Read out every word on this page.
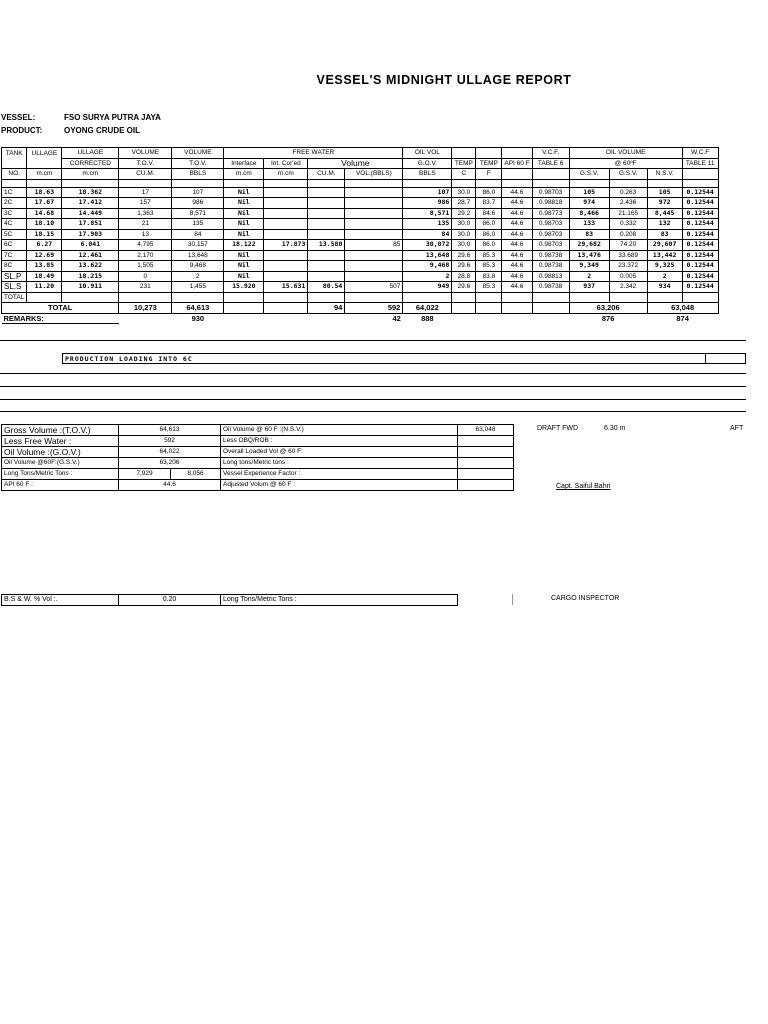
VESSEL'S MIDNIGHT ULLAGE REPORT
VESSEL:	FSO SURYA PUTRA JAYA
PRODUCT:	OYONG CRUDE OIL
TANK	ULLAGE	ULLAGE	VOLUME	VOLUME	FREE WATER				OIL VOL				V.C.F.	OIL VOLUME			W.C.F
		CORRECTED	T.O.V.	T.O.V.	Interface	Int. Cor'ed	Volume		G.O.V.	TEMP	TEMP	API 60 F	TABLE 6	@ 60ºF			TABLE 11
NO.	m.cm	m.cm	CU.M.	BBLS	m.cm	m.cm	CU.M.	VOL.(BBLS)	BBLS	C	F			G.S.V.	G.S.V.	N.S.V.	

1C	18.63	18.362	17	107	Nil				107	30.0	86.0	44.6	0.98703	105	0.263	105	0.12544
2C	17.67	17.412	157	986	Nil				986	28.7	83.7	44.6	0.98818	974	2.436	972	0.12544
3C	14.68	14.449	1,363	8,571	Nil				8,571	29.2	84.6	44.6	0.98773	8,466	21.165	8,445	0.12544
4C	18.10	17.851	21	135	Nil				135	30.0	86.0	44.6	0.98703	133	0.332	132	0.12544
5C	18.15	17.903	13	84	Nil				84	30.0	86.0	44.6	0.98703	83	0.208	83	0.12544
6C	6.27	6.041	4,795	30,157	18.122	17.873	13.580	85	30,072	30.0	86.0	44.6	0.98703	29,682	74.20	29,607	0.12544
7C	12.69	12.461	2,170	13,648	Nil				13,648	29.6	85.3	44.6	0.98738	13,476	33.689	13,442	0.12544
8C	13.85	13.622	1,505	9,468	Nil				9,468	29.6	85.3	44.6	0.98738	9,349	23.372	9,325	0.12544
SL.P	18.49	18.215	0	2	Nil				2	28.8	83.8	44.6	0.98813	2	0.005	2	0.12544
SL.S	11.20	10.911	231	1,455	15.920	15.631	80.54	507	949	29.6	85.3	44.6	0.98738	937	2.342	934	0.12544
TOTAL																	
TOTAL			10,273	64,613			94	592	64,022					63,206		63,048	
REMARKS:				930				42	888					876		874	
PRODUCTION LOADING INTO 6C
Gross Volume :(T.O.V.)	64,613		Oil Volume @ 60 F :(N.S.V.)	63,048
Less Free Water :	592		Less OBQ/ROB :	
Oil Volume :(G.O.V.)	64,022		Overall Loaded Vol @ 60 F:	
Oil Volume @60F:(G.S.V.)	63,206		Long tons/Metric tons :	
Long Tons/Metric Tons :	7,929	8,056	Vessel Experience Factor :	
API 60 F :	44.6		Adjusted Volum @ 60 F :	
DRAFT FWD	6.30 m	AFT
Capt. Saiful Bahri
B.S & W. % Vol :.	0.20	Long Tons/Metric Tons :	CARGO INSPECTOR
